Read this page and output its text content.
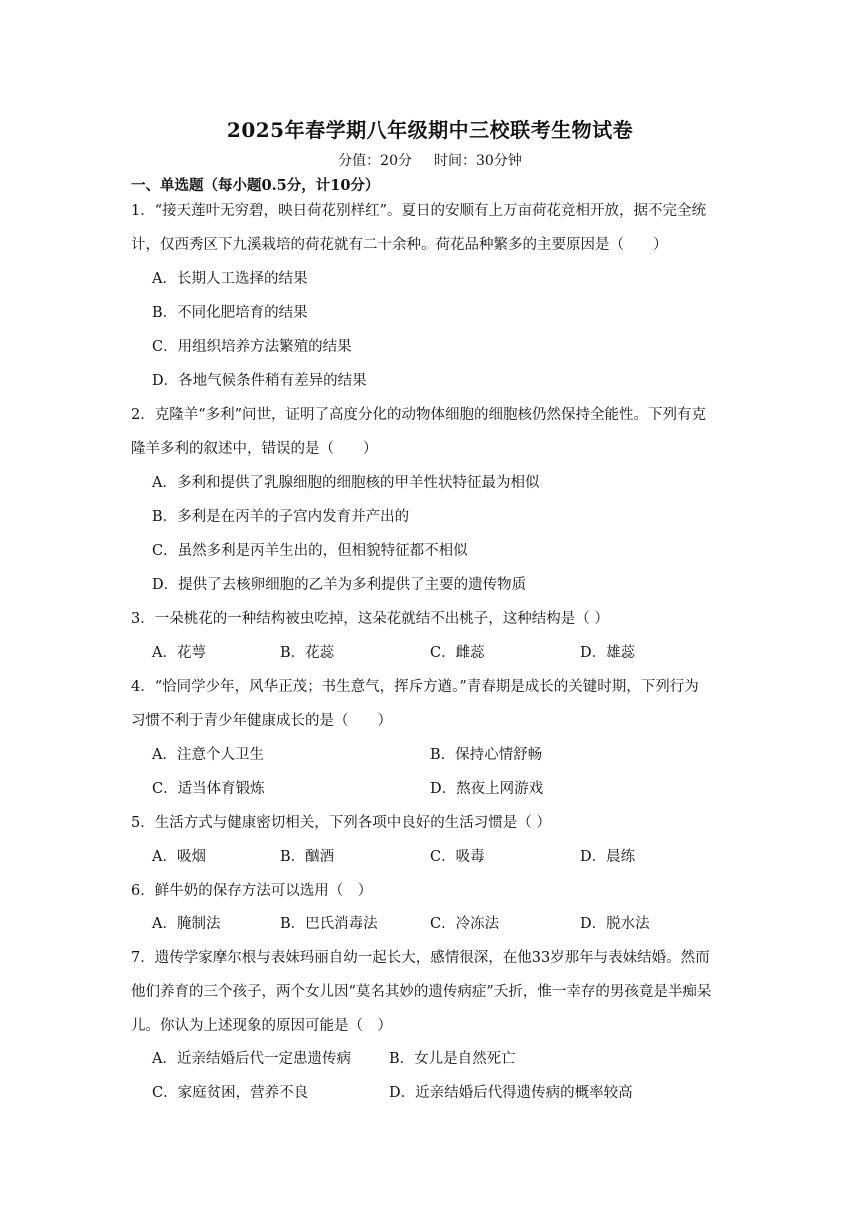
2025年春学期八年级期中三校联考生物试卷
分值：20分 时间：30分钟
一、单选题（每小题0.5分，计10分）
1．“接天莲叶无穷碧，映日荷花别样红”。夏日的安顺有上万亩荷花竞相开放，据不完全统
计，仅西秀区下九溪栽培的荷花就有二十余种。荷花品种繁多的主要原因是（　　）
A．长期人工选择的结果
B．不同化肥培育的结果
C．用组织培养方法繁殖的结果
D．各地气候条件稍有差异的结果
2．克隆羊“多利”问世，证明了高度分化的动物体细胞的细胞核仍然保持全能性。下列有克
隆羊多利的叙述中，错误的是（　　）
A．多利和提供了乳腺细胞的细胞核的甲羊性状特征最为相似
B．多利是在丙羊的子宫内发育并产出的
C．虽然多利是丙羊生出的，但相貌特征都不相似
D．提供了去核卵细胞的乙羊为多利提供了主要的遗传物质
3．一朵桃花的一种结构被虫吃掉，这朵花就结不出桃子，这种结构是（ ）
A．花萼	B．花蕊	C．雌蕊	D．雄蕊
4．“恰同学少年，风华正茂；书生意气，挥斥方遒。”青春期是成长的关键时期，下列行为
习惯不利于青少年健康成长的是（　　）
A．注意个人卫生	B．保持心情舒畅
C．适当体育锻炼	D．熬夜上网游戏
5．生活方式与健康密切相关，下列各项中良好的生活习惯是（ ）
A．吸烟	B．酗酒	C．吸毒	D．晨练
6．鲜牛奶的保存方法可以选用（　）
A．腌制法	B．巴氏消毒法	C．冷冻法	D．脱水法
7．遗传学家摩尔根与表妹玛丽自幼一起长大，感情很深，在他33岁那年与表妹结婚。然而
他们养育的三个孩子，两个女儿因“莫名其妙的遗传病症”夭折，惟一幸存的男孩竟是半痴呆
儿。你认为上述现象的原因可能是（　）
A．近亲结婚后代一定患遗传病	B．女儿是自然死亡
C．家庭贫困，营养不良	D．近亲结婚后代得遗传病的概率较高
